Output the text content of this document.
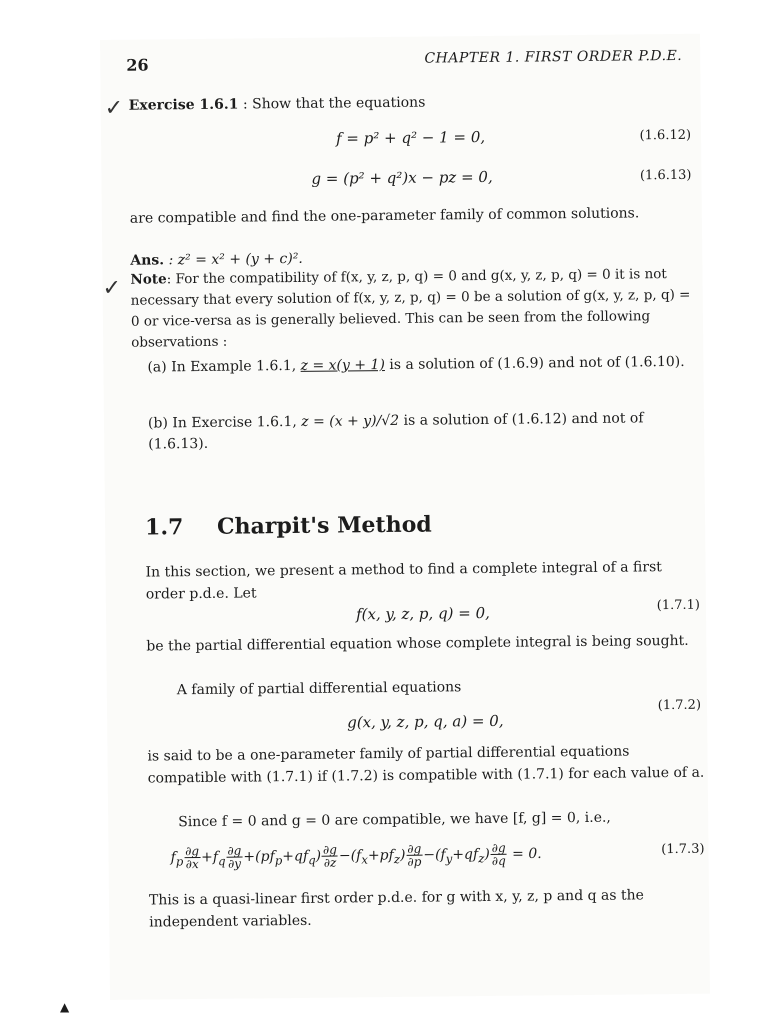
26	CHAPTER 1. FIRST ORDER P.D.E.
✓ Exercise 1.6.1 : Show that the equations
f = p² + q² − 1 = 0,	(1.6.12)
g = (p² + q²)x − pz = 0,	(1.6.13)
are compatible and find the one-parameter family of common solutions.
Ans. : z² = x² + (y + c)².
✓ Note: For the compatibility of f(x, y, z, p, q) = 0 and g(x, y, z, p, q) = 0 it is not necessary that every solution of f(x, y, z, p, q) = 0 be a solution of g(x, y, z, p, q) = 0 or vice-versa as is generally believed. This can be seen from the following observations :
(a) In Example 1.6.1, z = x(y + 1) is a solution of (1.6.9) and not of (1.6.10).
(b) In Exercise 1.6.1, z = (x + y)/√2 is a solution of (1.6.12) and not of (1.6.13).
1.7 Charpit's Method
In this section, we present a method to find a complete integral of a first order p.d.e. Let
f(x, y, z, p, q) = 0,	(1.7.1)
be the partial differential equation whose complete integral is being sought.
A family of partial differential equations
g(x, y, z, p, q, a) = 0,
(1.7.2)
is said to be a one-parameter family of partial differential equations compatible with (1.7.1) if (1.7.2) is compatible with (1.7.1) for each value of a.
Since f = 0 and g = 0 are compatible, we have [f, g] = 0, i.e.,
$f_p \frac{\partial g}{\partial x} +f_q \frac{\partial g}{\partial y} +(pf_p+qf_q) \frac{\partial g}{\partial z} -(f_x+pf_z) \frac{\partial g}{\partial p} -(f_y+qf_z) \frac{\partial g}{\partial q} = 0$.	(1.7.3)
This is a quasi-linear first order p.d.e. for g with x, y, z, p and q as the independent variables.
▲
